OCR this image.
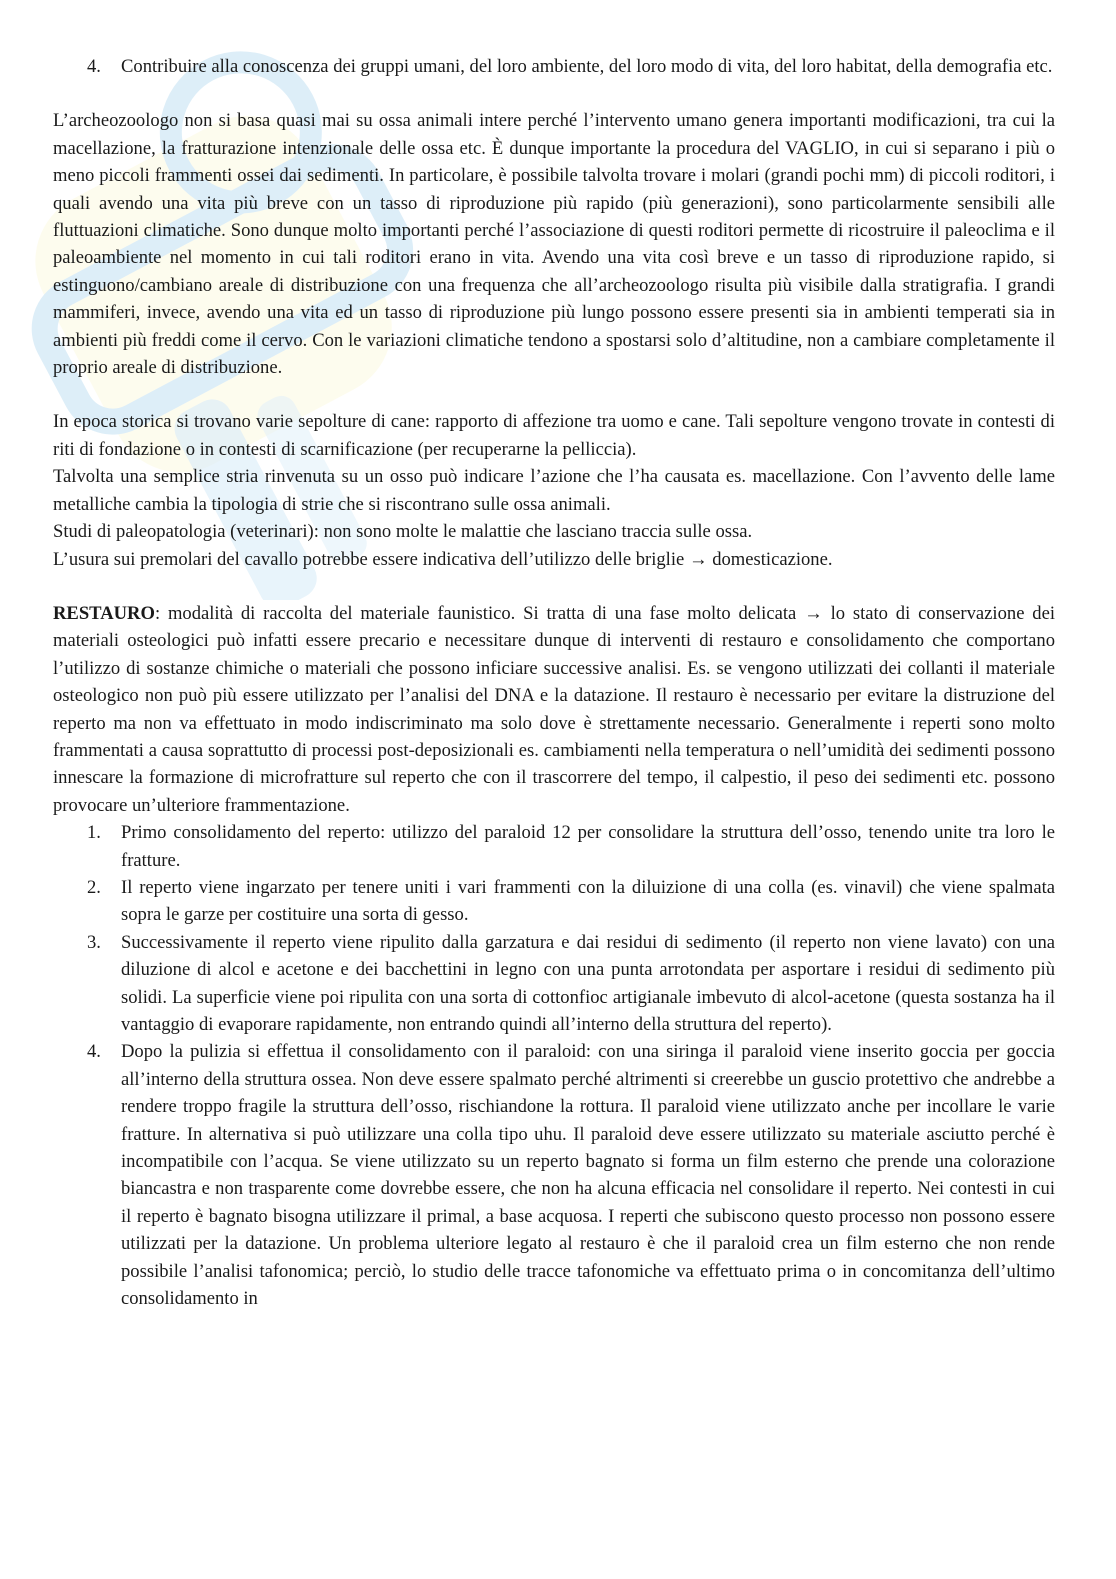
4. Contribuire alla conoscenza dei gruppi umani, del loro ambiente, del loro modo di vita, del loro habitat, della demografia etc.

L’archeozoologo non si basa quasi mai su ossa animali intere perché l’intervento umano genera importanti modificazioni, tra cui la macellazione, la fratturazione intenzionale delle ossa etc. È dunque importante la procedura del VAGLIO, in cui si separano i più o meno piccoli frammenti ossei dai sedimenti. In particolare, è possibile talvolta trovare i molari (grandi pochi mm) di piccoli roditori, i quali avendo una vita più breve con un tasso di riproduzione più rapido (più generazioni), sono particolarmente sensibili alle fluttuazioni climatiche. Sono dunque molto importanti perché l’associazione di questi roditori permette di ricostruire il paleoclima e il paleoambiente nel momento in cui tali roditori erano in vita. Avendo una vita così breve e un tasso di riproduzione rapido, si estinguono/cambiano areale di distribuzione con una frequenza che all’archeozoologo risulta più visibile dalla stratigrafia. I grandi mammiferi, invece, avendo una vita ed un tasso di riproduzione più lungo possono essere presenti sia in ambienti temperati sia in ambienti più freddi come il cervo. Con le variazioni climatiche tendono a spostarsi solo d’altitudine, non a cambiare completamente il proprio areale di distribuzione.

In epoca storica si trovano varie sepolture di cane: rapporto di affezione tra uomo e cane. Tali sepolture vengono trovate in contesti di riti di fondazione o in contesti di scarnificazione (per recuperarne la pelliccia).

Talvolta una semplice stria rinvenuta su un osso può indicare l’azione che l’ha causata es. macellazione. Con l’avvento delle lame metalliche cambia la tipologia di strie che si riscontrano sulle ossa animali.

Studi di paleopatologia (veterinari): non sono molte le malattie che lasciano traccia sulle ossa.

L’usura sui premolari del cavallo potrebbe essere indicativa dell’utilizzo delle briglie → domesticazione.

RESTAURO: modalità di raccolta del materiale faunistico. Si tratta di una fase molto delicata → lo stato di conservazione dei materiali osteologici può infatti essere precario e necessitare dunque di interventi di restauro e consolidamento che comportano l’utilizzo di sostanze chimiche o materiali che possono inficiare successive analisi. Es. se vengono utilizzati dei collanti il materiale osteologico non può più essere utilizzato per l’analisi del DNA e la datazione. Il restauro è necessario per evitare la distruzione del reperto ma non va effettuato in modo indiscriminato ma solo dove è strettamente necessario. Generalmente i reperti sono molto frammentati a causa soprattutto di processi post-deposizionali es. cambiamenti nella temperatura o nell’umidità dei sedimenti possono innescare la formazione di microfratture sul reperto che con il trascorrere del tempo, il calpestio, il peso dei sedimenti etc. possono provocare un’ulteriore frammentazione.

1. Primo consolidamento del reperto: utilizzo del paraloid 12 per consolidare la struttura dell’osso, tenendo unite tra loro le fratture.
2. Il reperto viene ingarzato per tenere uniti i vari frammenti con la diluizione di una colla (es. vinavil) che viene spalmata sopra le garze per costituire una sorta di gesso.
3. Successivamente il reperto viene ripulito dalla garzatura e dai residui di sedimento (il reperto non viene lavato) con una diluzione di alcol e acetone e dei bacchettini in legno con una punta arrotondata per asportare i residui di sedimento più solidi. La superficie viene poi ripulita con una sorta di cottonfioc artigianale imbevuto di alcol-acetone (questa sostanza ha il vantaggio di evaporare rapidamente, non entrando quindi all’interno della struttura del reperto).
4. Dopo la pulizia si effettua il consolidamento con il paraloid: con una siringa il paraloid viene inserito goccia per goccia all’interno della struttura ossea. Non deve essere spalmato perché altrimenti si creerebbe un guscio protettivo che andrebbe a rendere troppo fragile la struttura dell’osso, rischiandone la rottura. Il paraloid viene utilizzato anche per incollare le varie fratture. In alternativa si può utilizzare una colla tipo uhu. Il paraloid deve essere utilizzato su materiale asciutto perché è incompatibile con l’acqua. Se viene utilizzato su un reperto bagnato si forma un film esterno che prende una colorazione biancastra e non trasparente come dovrebbe essere, che non ha alcuna efficacia nel consolidare il reperto. Nei contesti in cui il reperto è bagnato bisogna utilizzare il primal, a base acquosa. I reperti che subiscono questo processo non possono essere utilizzati per la datazione. Un problema ulteriore legato al restauro è che il paraloid crea un film esterno che non rende possibile l’analisi tafonomica; perciò, lo studio delle tracce tafonomiche va effettuato prima o in concomitanza dell’ultimo consolidamento in
